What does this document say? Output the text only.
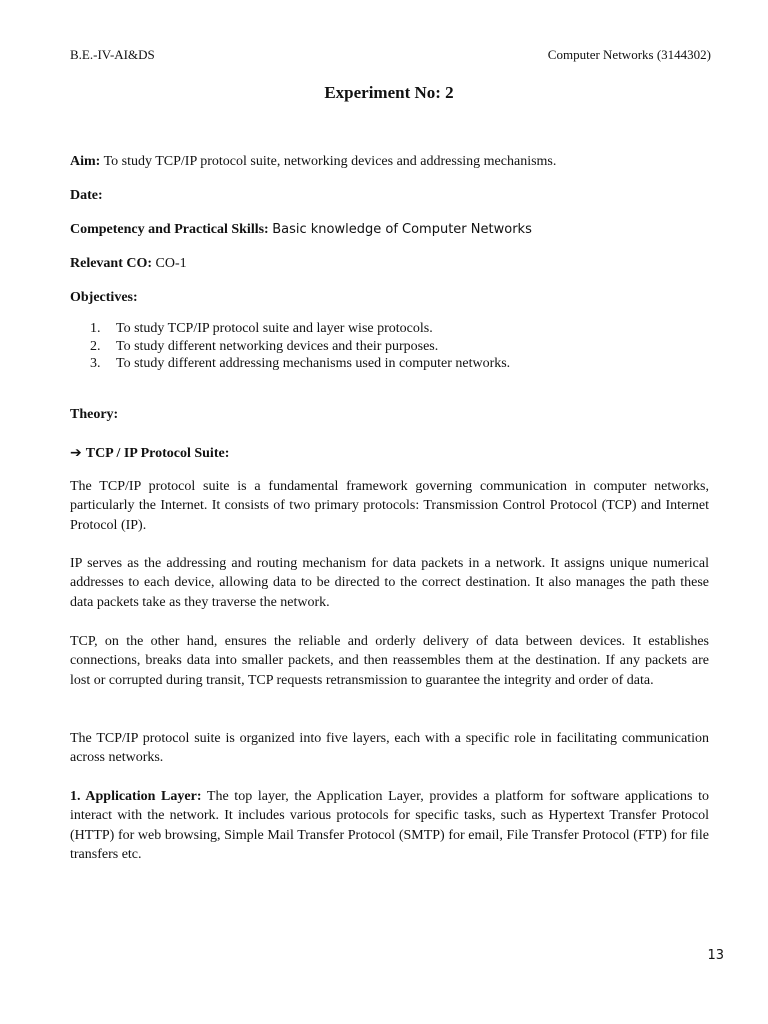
B.E.-IV-AI&DS	Computer Networks (3144302)
Experiment No: 2
Aim: To study TCP/IP protocol suite, networking devices and addressing mechanisms.
Date:
Competency and Practical Skills: Basic knowledge of Computer Networks
Relevant CO: CO-1
Objectives:
1. To study TCP/IP protocol suite and layer wise protocols.
2. To study different networking devices and their purposes.
3. To study different addressing mechanisms used in computer networks.
Theory:
➔ TCP / IP Protocol Suite:

The TCP/IP protocol suite is a fundamental framework governing communication in computer networks, particularly the Internet. It consists of two primary protocols: Transmission Control Protocol (TCP) and Internet Protocol (IP).

IP serves as the addressing and routing mechanism for data packets in a network. It assigns unique numerical addresses to each device, allowing data to be directed to the correct destination. It also manages the path these data packets take as they traverse the network.

TCP, on the other hand, ensures the reliable and orderly delivery of data between devices. It establishes connections, breaks data into smaller packets, and then reassembles them at the destination. If any packets are lost or corrupted during transit, TCP requests retransmission to guarantee the integrity and order of data.

The TCP/IP protocol suite is organized into five layers, each with a specific role in facilitating communication across networks.

1. Application Layer: The top layer, the Application Layer, provides a platform for software applications to interact with the network. It includes various protocols for specific tasks, such as Hypertext Transfer Protocol (HTTP) for web browsing, Simple Mail Transfer Protocol (SMTP) for email, File Transfer Protocol (FTP) for file transfers etc.

13
